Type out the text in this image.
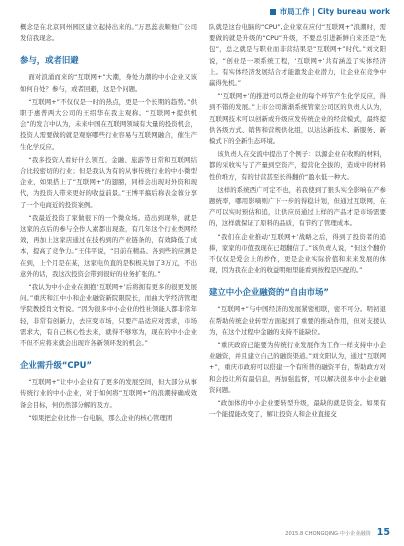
市局工作 | City bureau work

概念是在北京同州园区建立起持出来的。”万思蕊表顺他广公司发信我现念。

参与，或者旧避

面对浪涌而来的“互联网+”大潮，身处力潮的中小企业又该如何自处？参与，或者回避，这是个问题。

“互联网+”不仅仅是一时的热点，更是一个长期的趋势。”供职于惠普两大公司的王绍华在我主观称。“互联网+提供机会”的发言中认为，未来中国在互联网领域有大量的投资机会，投资人需要做的就是观察哪些行业容易与互联网融合，催生产生化学反应。

“我多投资人看好什么领互、金融、旅游等日常和互联网结合比较密切的行业；但是我认为有的从事传统行业的中小微型企业，如果搭上了“互联网+”的翅膀，同样会出现对外资和现代，为投资人带来更好的收益前景。”王博平搞后称表金蓉分享了一个电商近的投资案例。

“我最近投资了家做很下的一个微众场。造出到现举，就是这家的点后的参与全作人素都出现查，有几年这个行业类网经效，再加上这家店通过在技构到的产业链条的，有效降低了成本，提高了竞争力。”王伟平说，“目前在精品、各到些的应测是在到，上个月是在某，这家电负直的是积极关加了3万元，不出意外的话，我这次投资会带到很好的业务扩张的。”

“我认为中小企业在拥抱‘互联网+’后将拥有更多的很更发展问。”重庆和江中小和企业融资新院限院长，而曲大学经济管理学院教授肖文哲说。“因为很多中小企业的性社领能人都非常年轻，非常有创新力，去应变市场，只要产品适应对需求，市场需求大，有自己核心性去来，就得不够寒为，现在的中小企业不但不应将来就会出现许各新领环发的机会。”

企业需升级“CPU”

“互联网+”让中小企业有了更多的发展空间，但大部分从事传统行业的中小企业，对于如何将“互联网+”的浪潮持确成效备会目标，何仍然部分解的及方。

“如果把企业比作一台电脑，那么企业的核心管理团

队就是这台电脑的“CPU”,企业家在应付“互联网+”浪潮时，需要做的就是升级的“CPU”升级，不要总引进新鲜自来还是“先包”，总之就是与职业而非营结果是“互联网+”时代。”刘文阳说，“创业是一项系统工程，‘互联网+’共有涵盖了实体经济上。有实体经济发展结合才能激发企业潜力，让企业在竞争中赢得先机。”

“‘互联网+’的推进可以帮企业的每个环节产生化学反应，得到不错的发展。”上市公司渐渐系统管家公司区的负责人认为，互联网技术可以创新或升级应发传统企业的经营模式，最终提供各级方式、销售和营规供化组，以达达新技术、新服务、新模式下的全新生态环境。

该负责人在交流中提出了个例子：以源企业在收购的材料，都的采收实与了产量到空资产，提营化全拔的，造成中的材料性价堆方，有的甘营甚至长得翻价“盈水低一种大。

这样的系统西广可定不也，若我使到了狠头实全影响在产参题统率，哪用影嘀则广下一步的得稳计划，但通过互联网，在产可以实时预估和追，让供应员通过上样的产品才是市场需要的，这样就保证了原料的品质，有节约了管理成本。

“我们在企业推动‘互联网+’战略之后，得到了投资者的追捧，家家的市值我现在已超翻信了。”该负责人说，“但这个翻价不仅仅是爱会上的炒作，更是企业实际价值和来来发展的体现，因为我在企业的收益明细里能看到按程是匹配的。”

建立中小企业融资的“自由市场”

“互联网+”与中国经济的发展紧密相联，密不可分。明初退在帮助传统企业转型方面起到了重要的推动作用，但对支援认为，在这个过程中金融的支持不能缺位。

“重庆政府已能要为传统行业发展作为工作一样支持中小企业融资，并且建立自己的融资渠道。”刘文阳认为，通过“互联网+”，重庆市政府可以搭建一个有所普的融资平台，帮助政方对和会投让所有最信息，再加强监督，可以解决很多中小企业融资问题。

“政加体的中小企业要转型升级，最缺的就是资金。如果有一个能提能改变了，解让投资人和企业直接交

2015.8 CHONGQING·中小企业融资 15
